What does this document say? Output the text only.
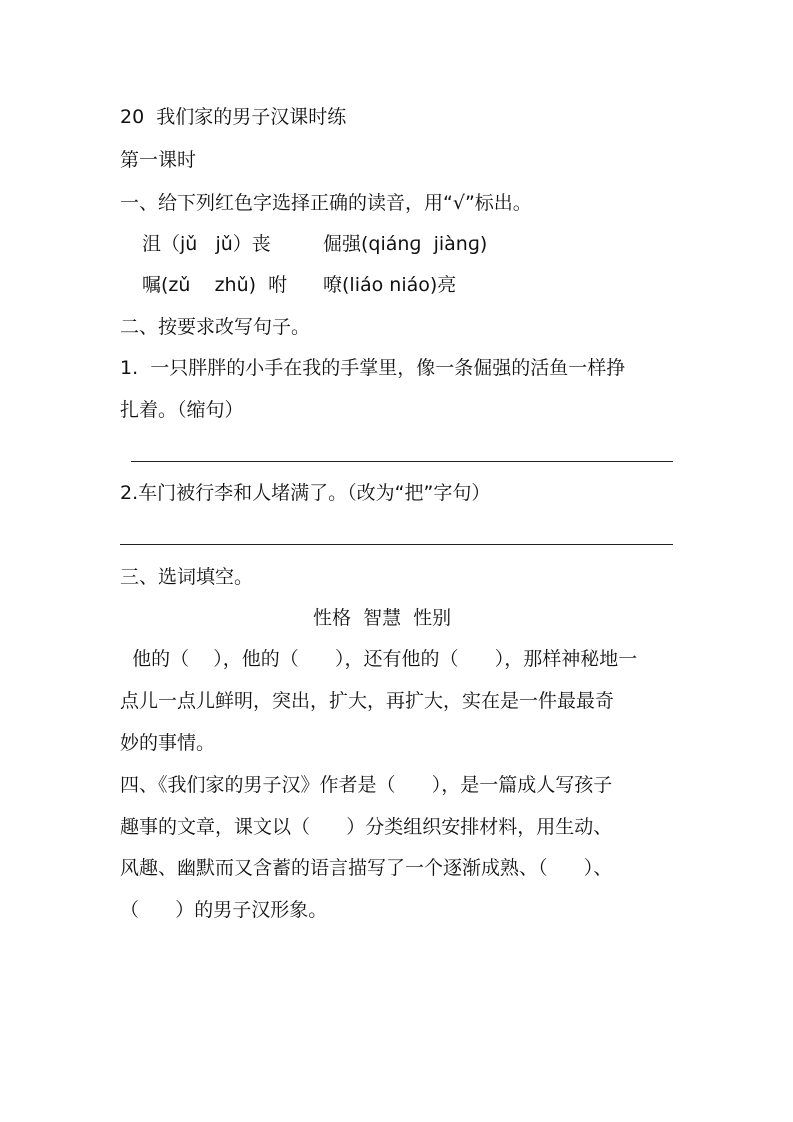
20  我们家的男子汉课时练
第一课时
一、给下列红色字选择正确的读音，用“√”标出。
沮（jǔ   jǔ）丧	倔强(qiánɡ  jiànɡ)
嘱(zǔ    zhǔ)  咐 嘹(liáo niáo)亮
二、按要求改写句子。
1.  一只胖胖的小手在我的手掌里，像一条倔强的活鱼一样挣
扎着。（缩句）
2.车门被行李和人堵满了。（改为“把”字句）
三、选词填空。
性格  智慧  性别
他的（    ），他的（      ），还有他的（      ），那样神秘地一
点儿一点儿鲜明，突出，扩大，再扩大，实在是一件最最奇
妙的事情。
四、《我们家的男子汉》作者是（      ），是一篇成人写孩子
趣事的文章，课文以（      ）分类组织安排材料，用生动、
风趣、幽默而又含蓄的语言描写了一个逐渐成熟、（      ）、
（      ）的男子汉形象。
